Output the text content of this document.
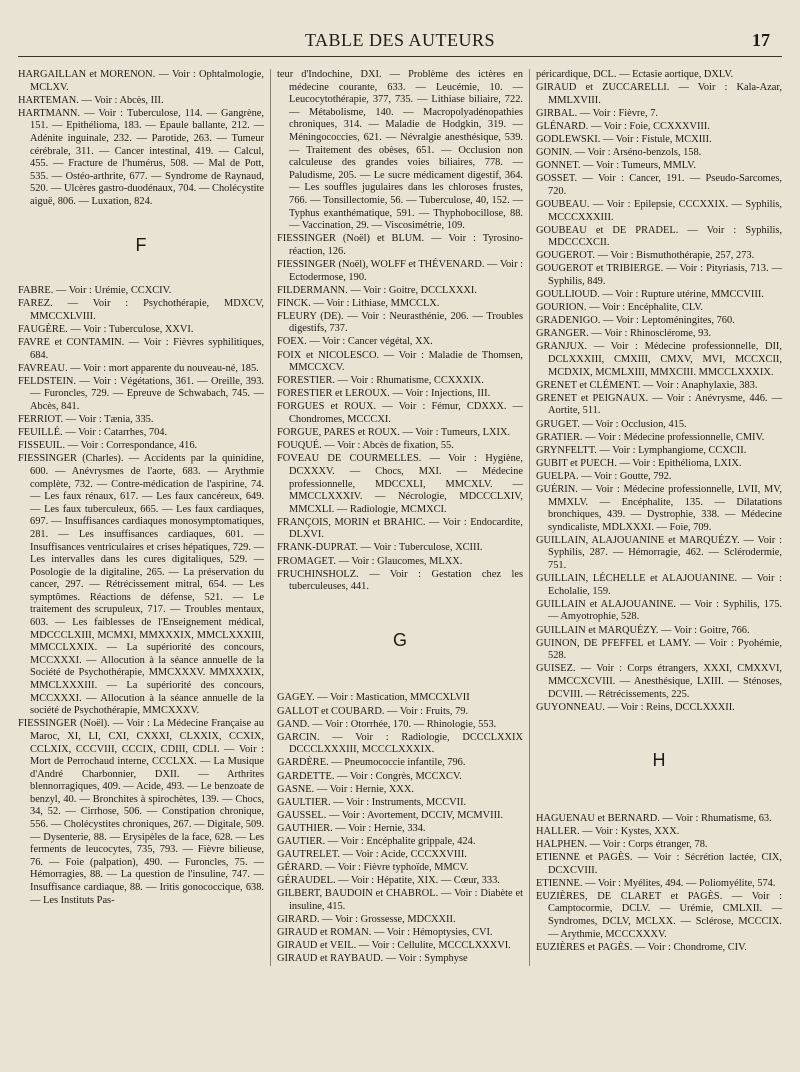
TABLE DES AUTEURS	17
HARGAILLAN et MORENON. — Voir : Ophtalmologie, MCLXV.
HARTEMAN. — Voir : Abcès, III.
HARTMANN. — Voir : Tuberculose, 114. — Gangrène, 151. — Epithélioma, 183. — Epaule ballante, 212. — Adénite inguinale, 232. — Parotide, 263. — Tumeur cérébrale, 311. — Cancer intestinal, 419. — Calcul, 455. — Fracture de l'humérus, 508. — Mal de Pott, 535. — Ostéo-arthrite, 677. — Syndrome de Raynaud, 520. — Ulcères gastro-duodénaux, 704. — Cholécystite aiguë, 806. — Luxation, 824.
F
FABRE. — Voir : Urémie, CCXCIV.
FAREZ. — Voir : Psychothérapie, MDXCV, MMCCXLVIII.
FAUGÈRE. — Voir : Tuberculose, XXVI.
FAVRE et CONTAMIN. — Voir : Fièvres syphilitiques, 684.
FAVREAU. — Voir : mort apparente du nouveau-né, 185.
FELDSTEIN. — Voir : Végétations, 361. — Oreille, 393. — Furoncles, 729. — Epreuve de Schwabach, 745. — Abcès, 841.
FERRIOT. — Voir : Tænia, 335.
FEUILLÉ. — Voir : Catarrhes, 704.
FISSEUIL. — Voir : Correspondance, 416.
FIESSINGER (Charles). — Accidents par la quinidine, 600. — Anévrysmes de l'aorte, 683. — Arythmie complète, 732. — Contre-médication de l'aspirine, 74. — Les faux rénaux, 617. — Les faux cancéreux, 649. — Les faux tuberculeux, 665. — Les faux cardiaques, 697. — Insuffisances cardiaques monosymptomatiques, 281. — Les insuffisances cardiaques, 601. — Insuffisances ventriculaires et crises hépatiques, 729. — Les intervalles dans les cures digitaliques, 529. — Posologie de la digitaline, 265. — La préservation du cancer, 297. — Rétrécissement mitral, 654. — Les symptômes. Réactions de défense, 521. — Le traitement des scrupuleux, 717. — Troubles mentaux, 603. — Les faiblesses de l'Enseignement médical, MDCCCLXIII, MCMXI, MMXXXIX, MMCLXXXIII, MMCCLXXIX. — La supériorité des concours, MCCXXXI. — Allocution à la séance annuelle de la Société de Psychothérapie, MMCXXXV. MMXXXIX, MMCLXXXIII. — La supériorité des concours, MCCXXXI. — Allocution à la séance annuelle de la société de Psychothérapie, MMCXXXV.
FIESSINGER (Noël). — Voir : La Médecine Française au Maroc, XI, LI, CXI, CXXXI, CLXXIX, CCXIX, CCLXIX, CCCVIII, CCCIX, CDIII, CDLI. — Voir : Mort de Perrochaud interne, CCCLXX. — La Musique d'André Charbonnier, DXII. — Arthrites blennorragiques, 409. — Acide, 493. — Le benzoate de benzyl, 40. — Bronchites à spirochètes, 139. — Chocs, 34, 52. — Cirrhose, 506. — Constipation chronique, 556. — Cholécystites chroniques, 267. — Digitale, 509. — Dysenterie, 88. — Erysipèles de la face, 628. — Les ferments de leucocytes, 735, 793. — Fièvre bilieuse, 76. — Foie (palpation), 490. — Furoncles, 75. — Hémorragies, 88. — La question de l'insuline, 747. — Insuffisance cardiaque, 88. — Iritis gonococcique, 638. — Les Instituts Pas-
teur d'Indochine, DXI. — Problème des ictères en médecine courante, 633. — Leucémie, 10. — Leucocytothérapie, 377, 735. — Lithiase biliaire, 722. — Métabolisme, 140. — Macropolyadénopathies chroniques, 314. — Maladie de Hodgkin, 319. — Méningococcies, 621. — Névralgie anesthésique, 539. — Traitement des obèses, 651. — Occlusion non calculeuse des grandes voies biliaires, 778. — Paludisme, 205. — Le sucre médicament digestif, 364. — Les souffles jugulaires dans les chloroses frustes, 766. — Tonsillectomie, 56. — Tuberculose, 40, 152. — Typhus exanthématique, 591. — Thyphobocillose, 88. — Vaccination, 29. — Viscosimétrie, 109.
FIESSINGER (Noël) et BLUM. — Voir : Tyrosino-réaction, 126.
FIESSINGER (Noël), WOLFF et THÉVENARD. — Voir : Ectodermose, 190.
FILDERMANN. — Voir : Goitre, DCCLXXXI.
FINCK. — Voir : Lithiase, MMCCLX.
FLEURY (DE). — Voir : Neurasthénie, 206. — Troubles digestifs, 737.
FOEX. — Voir : Cancer végétal, XX.
FOIX et NICOLESCO. — Voir : Maladie de Thomsen, MMCCXCV.
FORESTIER. — Voir : Rhumatisme, CCXXXIX.
FORESTIER et LEROUX. — Voir : Injections, III.
FORGUES et ROUX. — Voir : Fémur, CDXXX. — Chondromes, MCCCXI.
FORGUE, PARES et ROUX. — Voir : Tumeurs, LXIX.
FOUQUÉ. — Voir : Abcès de fixation, 55.
FOVEAU DE COURMELLES. — Voir : Hygiène, DCXXXV. — Chocs, MXI. — Médecine professionnelle, MDCCXLI, MMCXLV. — MMCCLXXXIV. — Nécrologie, MDCCCLXIV, MMCXLI. — Radiologie, MCMXCI.
FRANÇOIS, MORIN et BRAHIC. — Voir : Endocardite, DLXVI.
FRANK-DUPRAT. — Voir : Tuberculose, XCIII.
FROMAGET. — Voir : Glaucomes, MLXX.
FRUCHINSHOLZ. — Voir : Gestation chez les tuberculeuses, 441.
G
GAGEY. — Voir : Mastication, MMCCXLVII
GALLOT et COUBARD. — Voir : Fruits, 79.
GAND. — Voir : Otorrhée, 170. — Rhinologie, 553.
GARCIN. — Voir : Radiologie, DCCCLXXIX DCCCLXXXIII, MCCCLXXXIX.
GARDÈRE. — Pneumococcie infantile, 796.
GARDETTE. — Voir : Congrès, MCCXCV.
GASNE. — Voir : Hernie, XXX.
GAULTIER. — Voir : Instruments, MCCVII.
GAUSSEL. — Voir : Avortement, DCCIV, MCMVIII.
GAUTHIER. — Voir : Hernie, 334.
GAUTIER. — Voir : Encéphalite grippale, 424.
GAUTRELET. — Voir : Acide, CCCXXVIII.
GÉRARD. — Voir : Fièvre typhoïde, MMCV.
GÉRAUDEL. — Voir : Hépatite, XIX. — Cœur, 333.
GILBERT, BAUDOIN et CHABROL. — Voir : Diabète et insuline, 415.
GIRARD. — Voir : Grossesse, MDCXXII.
GIRAUD et ROMAN. — Voir : Hémoptysies, CVI.
GIRAUD et VEIL. — Voir : Cellulite, MCCCLXXXVI.
GIRAUD et RAYBAUD. — Voir : Symphyse
péricardique, DCL. — Ectasie aortique, DXLV.
GIRAUD et ZUCCARELLI. — Voir : Kala-Azar, MMLXVIII.
GIRBAL. — Voir : Fièvre, 7.
GLÉNARD. — Voir : Foie, CCXXXVIII.
GODLEWSKI. — Voir : Fistule, MCXIII.
GONIN. — Voir : Arséno-benzols, 158.
GONNET. — Voir : Tumeurs, MMLV.
GOSSET. — Voir : Cancer, 191. — Pseudo-Sarcomes, 720.
GOUBEAU. — Voir : Epilepsie, CCCXXIX. — Syphilis, MCCCXXXIII.
GOUBEAU et DE PRADEL. — Voir : Syphilis, MDCCCXCII.
GOUGEROT. — Voir : Bismuthothérapie, 257, 273.
GOUGEROT et TRIBIERGE. — Voir : Pityriasis, 713. — Syphilis, 849.
GOULLIOUD. — Voir : Rupture utérine, MMCCVIII.
GOURION. — Voir : Encéphalite, CLV.
GRADENIGO. — Voir : Leptoméningites, 760.
GRANGER. — Voir : Rhinosclérome, 93.
GRANJUX. — Voir : Médecine professionnelle, DII, DCLXXXIII, CMXIII, CMXV, MVI, MCCXCII, MCDXIX, MCMLXIII, MMXCIII. MMCCLXXXIX.
GRENET et CLÉMENT. — Voir : Anaphylaxie, 383.
GRENET et PEIGNAUX. — Voir : Anévrysme, 446. — Aortite, 511.
GRUGET. — Voir : Occlusion, 415.
GRATIER. — Voir : Médecine professionnelle, CMIV.
GRYNFELTT. — Voir : Lymphangiome, CCXCII.
GUBIT et PUECH. — Voir : Epithélioma, LXIX.
GUELPA. — Voir : Goutte, 792.
GUÉRIN. — Voir : Médecine professionnelle, LVII, MV, MMXLV. — Encéphalite, 135. — Dilatations bronchiques, 439. — Dystrophie, 338. — Médecine syndicaliste, MDLXXXI. — Foie, 709.
GUILLAIN, ALAJOUANINE et MARQUÉZY. — Voir : Syphilis, 287. — Hémorragie, 462. — Sclérodermie, 751.
GUILLAIN, LÉCHELLE et ALAJOUANINE. — Voir : Echolalie, 159.
GUILLAIN et ALAJOUANINE. — Voir : Syphilis, 175. — Amyotrophie, 528.
GUILLAIN et MARQUÉZY. — Voir : Goitre, 766.
GUINON, DE PFEFFEL et LAMY. — Voir : Pyohémie, 528.
GUISEZ. — Voir : Corps étrangers, XXXI, CMXXVI, MMCCXCVIII. — Anesthésique, LXIII. — Sténoses, DCVIII. — Rétrécissements, 225.
GUYONNEAU. — Voir : Reins, DCCLXXXII.
H
HAGUENAU et BERNARD. — Voir : Rhumatisme, 63.
HALLER. — Voir : Kystes, XXX.
HALPHEN. — Voir : Corps étranger, 78.
ETIENNE et PAGÈS. — Voir : Sécrétion lactée, CIX, DCXCVIII.
ETIENNE. — Voir : Myélites, 494. — Poliomyélite, 574.
EUZIÈRES, DE CLARET et PAGÈS. — Voir : Camptocormie, DCLV. — Urémie, CMLXII. — Syndromes, DCLV, MCLXX. — Sclérose, MCCCIX. — Arythmie, MCCCXXXV.
EUZIÈRES et PAGÈS. — Voir : Chondrome, CIV.
